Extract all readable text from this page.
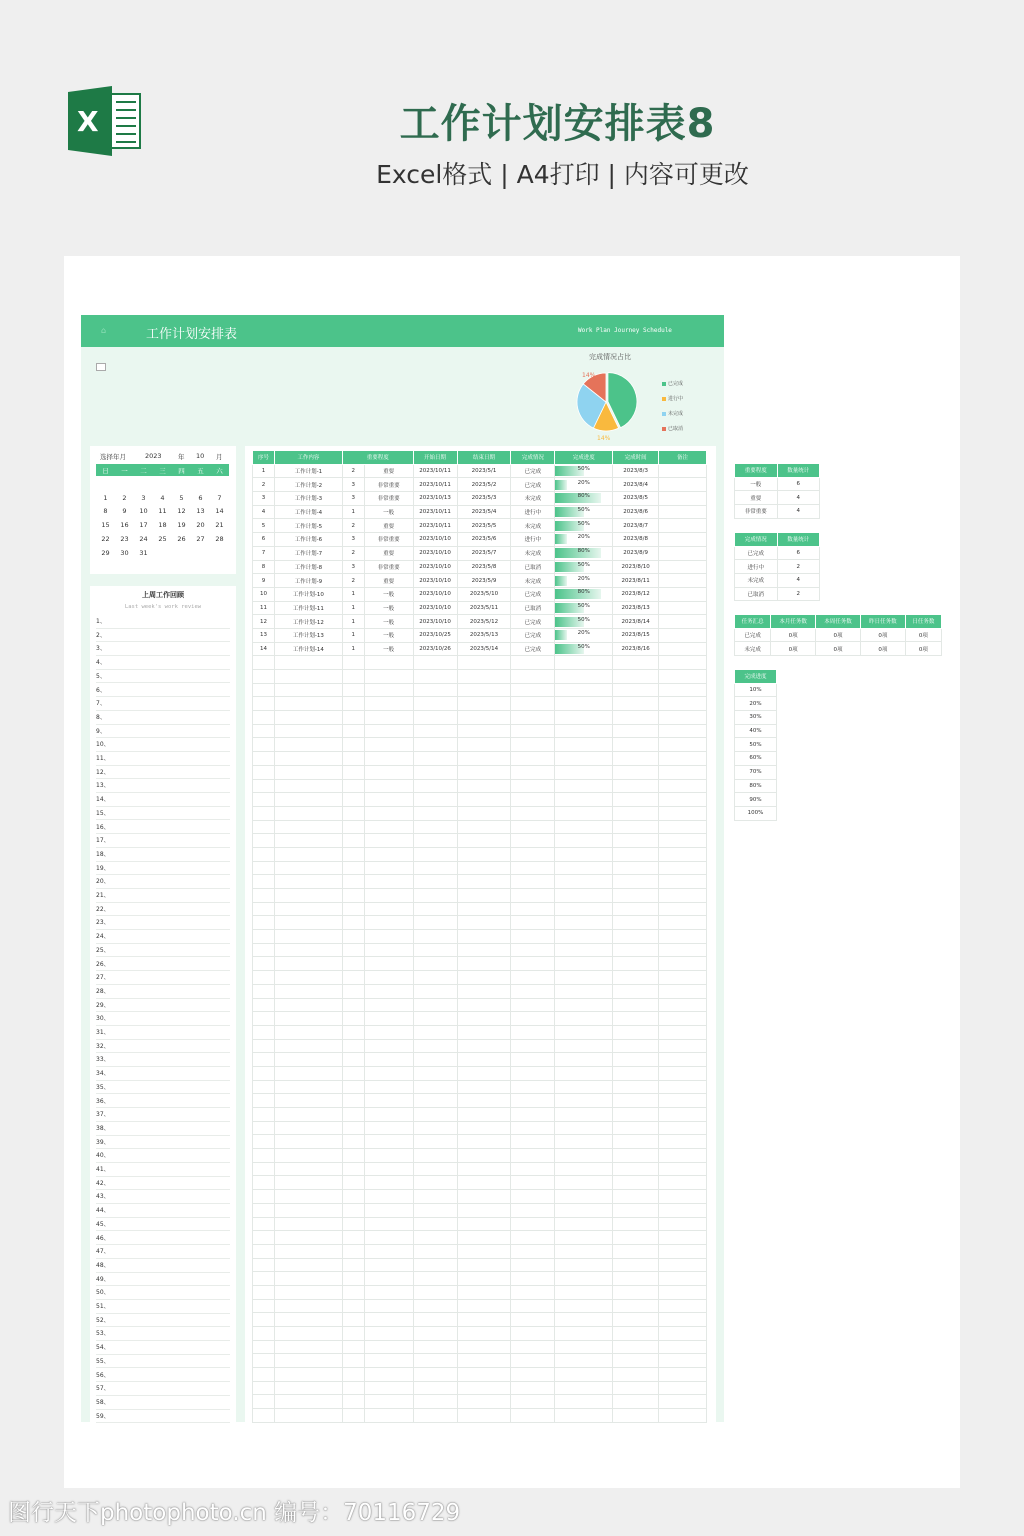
X	工作计划安排表8
Excel格式 | A4打印 | 内容可更改
⌂	工作计划安排表	Work Plan Journey Schedule
完成情况占比
14%
14%
已完成
进行中
未完成
已取消
选择年月	2023	年 10 月
日	一	二	三	四	五	六
1	2	3	4	5	6	7
8	9	10	11	12	13	14
15	16	17	18	19	20	21
22	23	24	25	26	27	28
29	30	31
上周工作回顾
Last week's work review
1、
2、
3、
4、
5、
6、
7、
8、
9、
10、
11、
12、
13、
14、
15、
16、
17、
18、
19、
20、
21、
22、
23、
24、
25、
26、
27、
28、
29、
30、
31、
32、
33、
34、
35、
36、
37、
38、
39、
40、
41、
42、
43、
44、
45、
46、
47、
48、
49、
50、
51、
52、
53、
54、
55、
56、
57、
58、
59、
序号	工作内容	重要程度		开始日期	结束日期	完成情况	完成进度	完成时间	备注
1	工作计划-1	2	重要	2023/10/11	2023/5/1	已完成	50%	2023/8/3	
2	工作计划-2	3	非常重要	2023/10/11	2023/5/2	已完成	20%	2023/8/4	
3	工作计划-3	3	非常重要	2023/10/13	2023/5/3	未完成	80%	2023/8/5	
4	工作计划-4	1	一般	2023/10/11	2023/5/4	进行中	50%	2023/8/6	
5	工作计划-5	2	重要	2023/10/11	2023/5/5	未完成	50%	2023/8/7	
6	工作计划-6	3	非常重要	2023/10/10	2023/5/6	进行中	20%	2023/8/8	
7	工作计划-7	2	重要	2023/10/10	2023/5/7	未完成	80%	2023/8/9	
8	工作计划-8	3	非常重要	2023/10/10	2023/5/8	已取消	50%	2023/8/10	
9	工作计划-9	2	重要	2023/10/10	2023/5/9	未完成	20%	2023/8/11	
10	工作计划-10	1	一般	2023/10/10	2023/5/10	已完成	80%	2023/8/12	
11	工作计划-11	1	一般	2023/10/10	2023/5/11	已取消	50%	2023/8/13	
12	工作计划-12	1	一般	2023/10/10	2023/5/12	已完成	50%	2023/8/14	
13	工作计划-13	1	一般	2023/10/25	2023/5/13	已完成	20%	2023/8/15	
14	工作计划-14	1	一般	2023/10/26	2023/5/14	已完成	50%	2023/8/16	

重要程度	数量统计
一般	6
重要	4
非常重要	4
完成情况	数量统计
已完成	6
进行中	2
未完成	4
已取消	2
任务汇总	本月任务数	本周任务数	昨日任务数	日任务数
已完成	0项	0项	0项	0项
未完成	0项	0项	0项	0项
完成进度
10%
20%
30%
40%
50%
60%
70%
80%
90%
100%
图行天下photophoto.cn 编号：70116729
